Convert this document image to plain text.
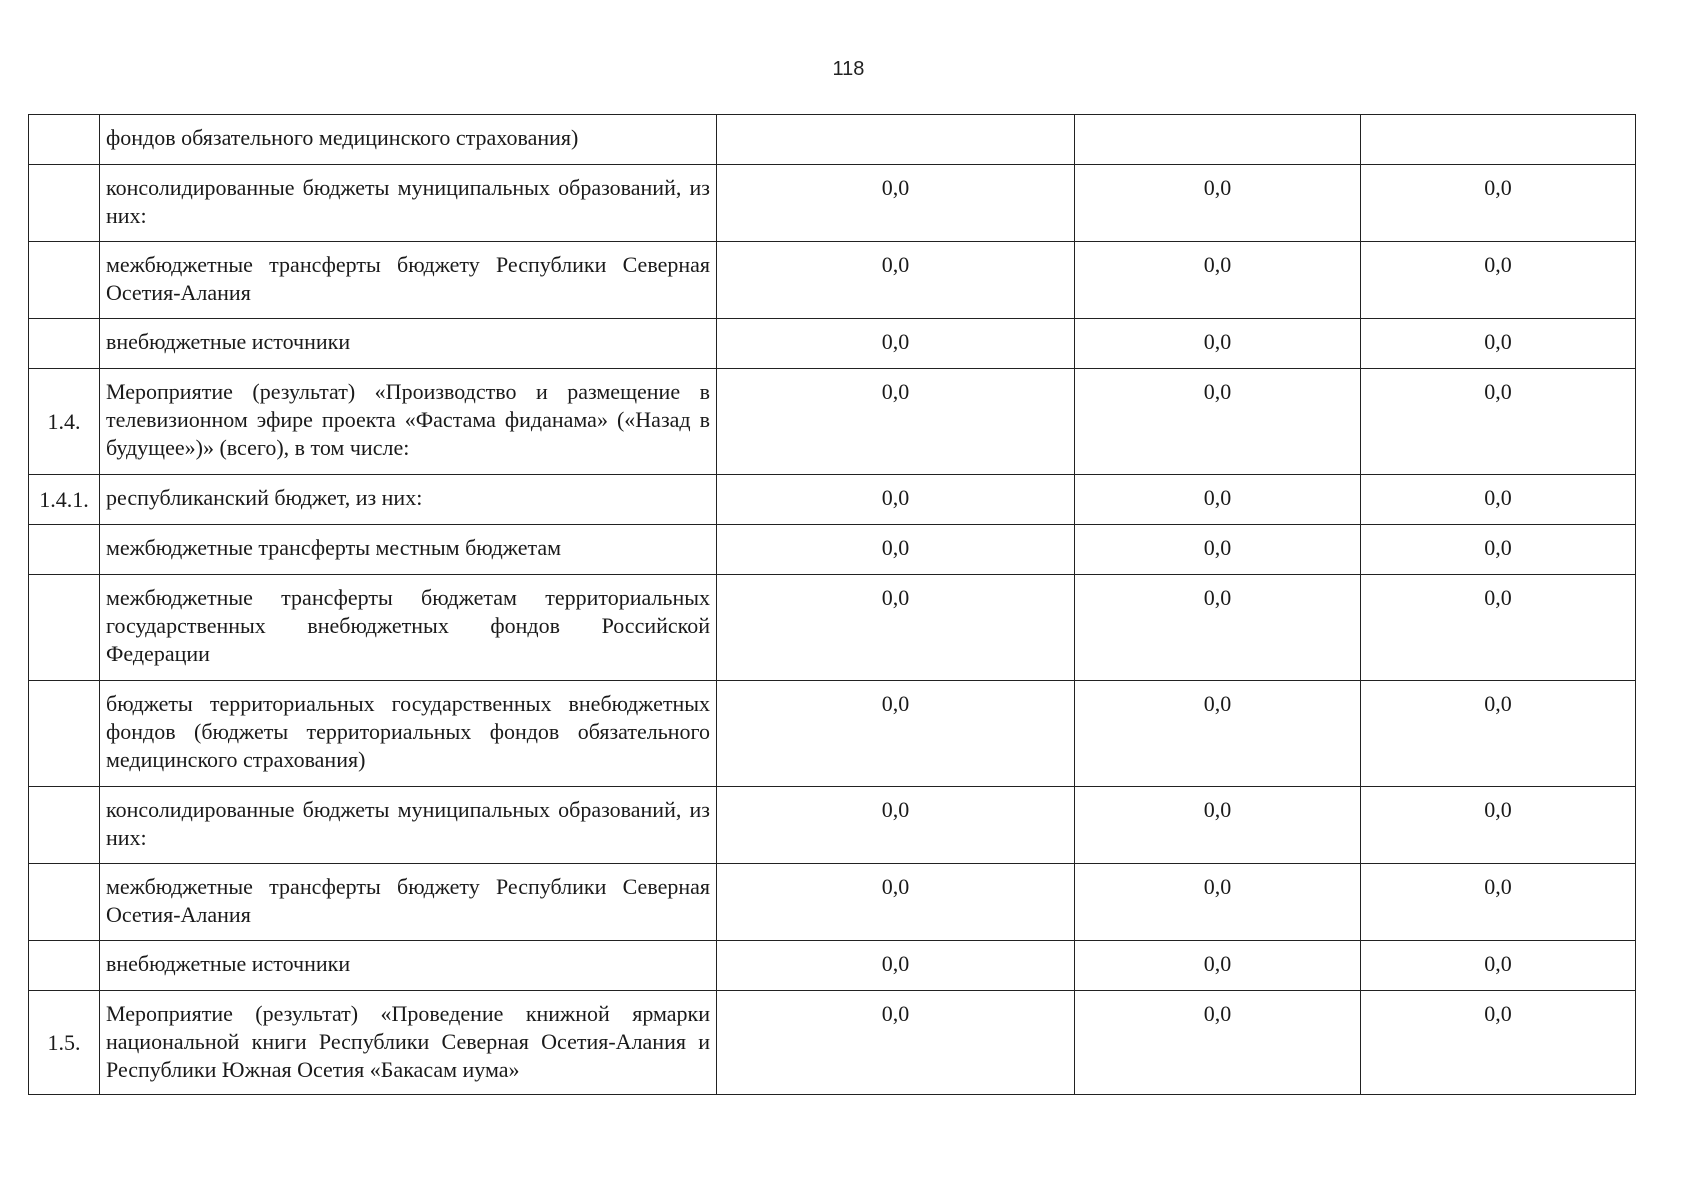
118
	фондов обязательного медицинского страхования)			
	консолидированные бюджеты муниципальных образований, из них:	0,0	0,0	0,0
	межбюджетные трансферты бюджету Республики Северная Осетия-Алания	0,0	0,0	0,0
	внебюджетные источники	0,0	0,0	0,0
1.4.	Мероприятие (результат) «Производство и размещение в телевизионном эфире проекта «Фастама фиданама» («Назад в будущее»)» (всего), в том числе:	0,0	0,0	0,0
1.4.1.	республиканский бюджет, из них:	0,0	0,0	0,0
	межбюджетные трансферты местным бюджетам	0,0	0,0	0,0
	межбюджетные трансферты бюджетам территориальных государственных внебюджетных фондов Российской Федерации	0,0	0,0	0,0
	бюджеты территориальных государственных внебюджетных фондов (бюджеты территориальных фондов обязательного медицинского страхования)	0,0	0,0	0,0
	консолидированные бюджеты муниципальных образований, из них:	0,0	0,0	0,0
	межбюджетные трансферты бюджету Республики Северная Осетия-Алания	0,0	0,0	0,0
	внебюджетные источники	0,0	0,0	0,0
1.5.	Мероприятие (результат) «Проведение книжной ярмарки национальной книги Республики Северная Осетия-Алания и Республики Южная Осетия «Бакасам иума»	0,0	0,0	0,0
